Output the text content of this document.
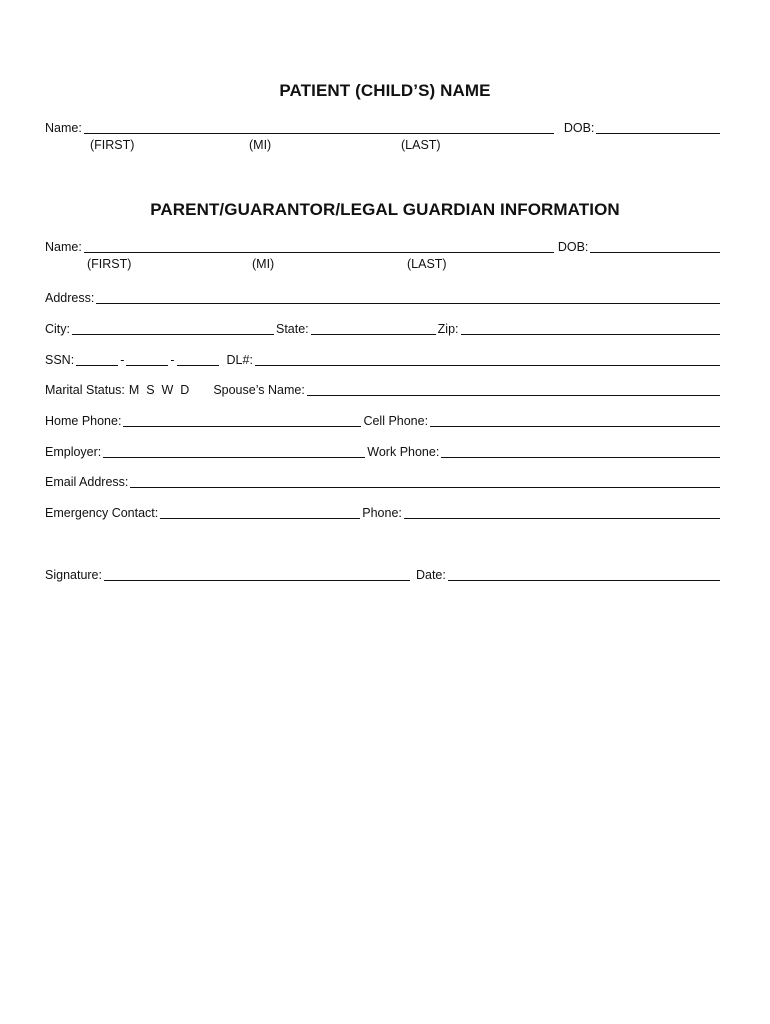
PATIENT (CHILD’S) NAME
Name:	DOB:
(FIRST)	(MI)	(LAST)
PARENT/GUARANTOR/LEGAL GUARDIAN INFORMATION
Name:	DOB:
(FIRST)	(MI)	(LAST)
Address:
City:	State:	Zip:
SSN:	-	-	DL#:
Marital Status: M  S  W  D Spouse’s Name:
Home Phone:	Cell Phone:
Employer:	Work Phone:
Email Address:
Emergency Contact:	Phone:
Signature:	Date:
